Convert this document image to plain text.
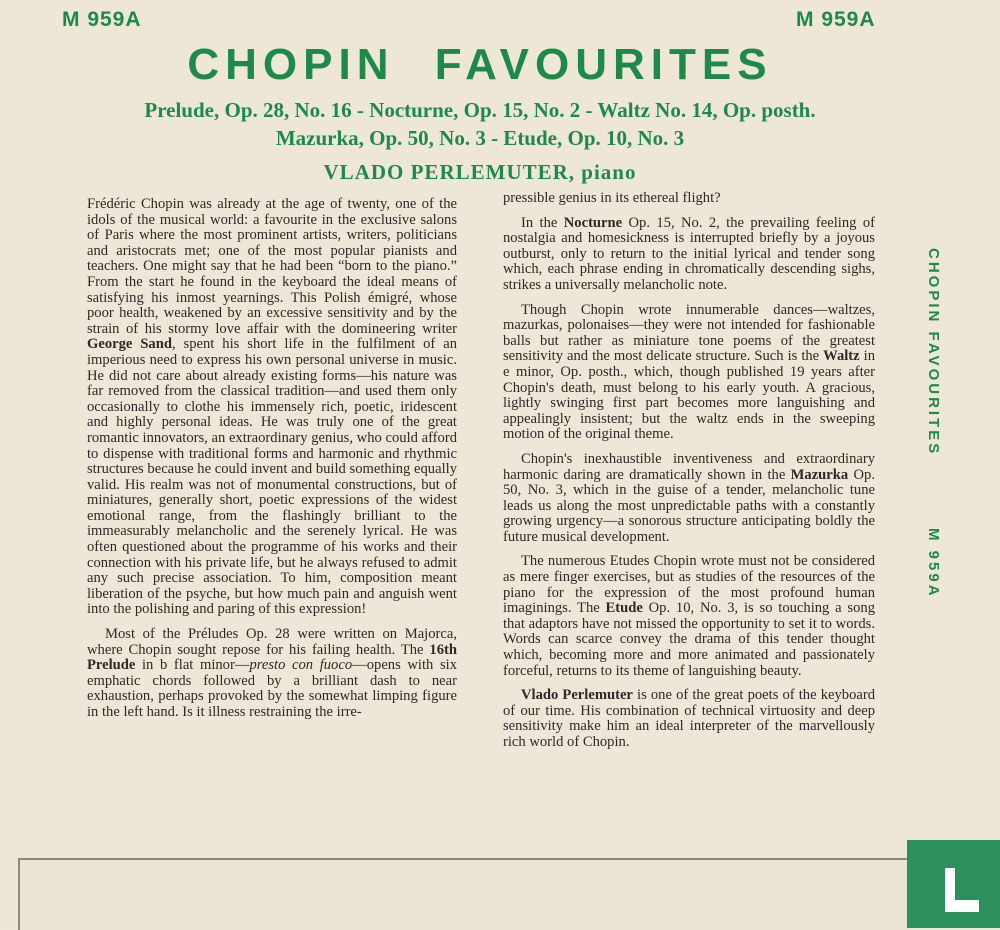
M 959A	M 959A
CHOPIN FAVOURITES
Prelude, Op. 28, No. 16 - Nocturne, Op. 15, No. 2 - Waltz No. 14, Op. posth.
Mazurka, Op. 50, No. 3 - Etude, Op. 10, No. 3
VLADO PERLEMUTER, piano

Frédéric Chopin was already at the age of twenty, one of the idols of the musical world: a favourite in the exclusive salons of Paris where the most prominent artists, writers, politicians and aristocrats met; one of the most popular pianists and teachers. One might say that he had been “born to the piano.” From the start he found in the keyboard the ideal means of satisfying his inmost yearnings. This Polish émigré, whose poor health, weakened by an excessive sensitivity and by the strain of his stormy love affair with the domineering writer George Sand, spent his short life in the fulfilment of an imperious need to express his own personal universe in music. He did not care about already existing forms—his nature was far removed from the classical tradition—and used them only occasionally to clothe his immensely rich, poetic, iridescent and highly personal ideas. He was truly one of the great romantic innovators, an extraordinary genius, who could afford to dispense with traditional forms and harmonic and rhythmic structures because he could invent and build something equally valid. His realm was not of monumental constructions, but of miniatures, generally short, poetic expressions of the widest emotional range, from the flashingly brilliant to the immeasurably melancholic and the serenely lyrical. He was often questioned about the programme of his works and their connection with his private life, but he always refused to admit any such precise association. To him, composition meant liberation of the psyche, but how much pain and anguish went into the polishing and paring of this expression!

Most of the Préludes Op. 28 were written on Majorca, where Chopin sought repose for his failing health. The 16th Prelude in b flat minor—presto con fuoco—opens with six emphatic chords followed by a brilliant dash to near exhaustion, perhaps provoked by the somewhat limping figure in the left hand. Is it illness restraining the irre-

pressible genius in its ethereal flight?

In the Nocturne Op. 15, No. 2, the prevailing feeling of nostalgia and homesickness is interrupted briefly by a joyous outburst, only to return to the initial lyrical and tender song which, each phrase ending in chromatically descending sighs, strikes a universally melancholic note.

Though Chopin wrote innumerable dances—waltzes, mazurkas, polonaises—they were not intended for fashionable balls but rather as miniature tone poems of the greatest sensitivity and the most delicate structure. Such is the Waltz in e minor, Op. posth., which, though published 19 years after Chopin's death, must belong to his early youth. A gracious, lightly swinging first part becomes more languishing and appealingly insistent; but the waltz ends in the sweeping motion of the original theme.

Chopin's inexhaustible inventiveness and extraordinary harmonic daring are dramatically shown in the Mazurka Op. 50, No. 3, which in the guise of a tender, melancholic tune leads us along the most unpredictable paths with a constantly growing urgency—a sonorous structure anticipating boldly the future musical development.

The numerous Etudes Chopin wrote must not be considered as mere finger exercises, but as studies of the resources of the piano for the expression of the most profound human imaginings. The Etude Op. 10, No. 3, is so touching a song that adaptors have not missed the opportunity to set it to words. Words can scarce convey the drama of this tender thought which, becoming more and more animated and passionately forceful, returns to its theme of languishing beauty.

Vlado Perlemuter is one of the great poets of the keyboard of our time. His combination of technical virtuosity and deep sensitivity make him an ideal interpreter of the marvellously rich world of Chopin.

CHOPIN FAVOURITES
M 959A
